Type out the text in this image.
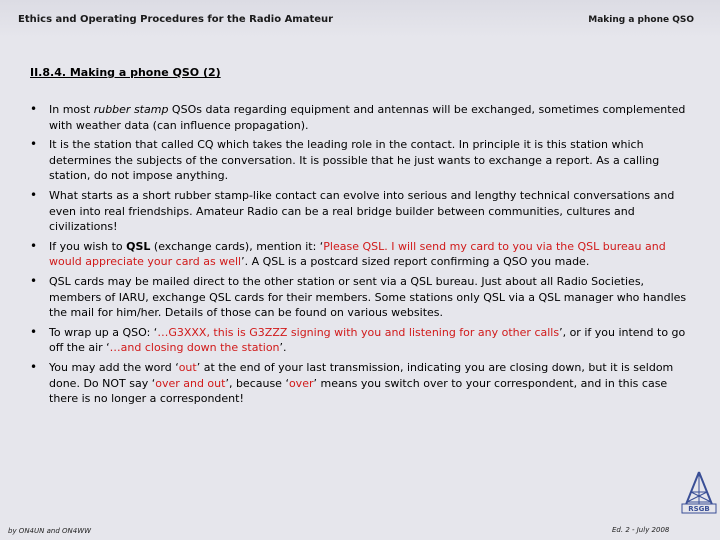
Ethics and Operating Procedures for the Radio Amateur	Making a phone QSO
II.8.4. Making a phone QSO (2)
• In most rubber stamp QSOs data regarding equipment and antennas will be exchanged, sometimes complemented with weather data (can influence propagation).
• It is the station that called CQ which takes the leading role in the contact. In principle it is this station which determines the subjects of the conversation. It is possible that he just wants to exchange a report. As a calling station, do not impose anything.
• What starts as a short rubber stamp-like contact can evolve into serious and lengthy technical conversations and even into real friendships. Amateur Radio can be a real bridge builder between communities, cultures and civilizations!
• If you wish to QSL (exchange cards), mention it: ‘Please QSL. I will send my card to you via the QSL bureau and would appreciate your card as well’. A QSL is a postcard sized report confirming a QSO you made.
• QSL cards may be mailed direct to the other station or sent via a QSL bureau. Just about all Radio Societies, members of IARU, exchange QSL cards for their members. Some stations only QSL via a QSL manager who handles the mail for him/her. Details of those can be found on various websites.
• To wrap up a QSO: ‘…G3XXX, this is G3ZZZ signing with you and listening for any other calls’, or if you intend to go off the air ‘…and closing down the station’.
• You may add the word ‘out’ at the end of your last transmission, indicating you are closing down, but it is seldom done. Do NOT say ‘over and out’, because ‘over’ means you switch over to your correspondent, and in this case there is no longer a correspondent!
by ON4UN and ON4WW	Ed. 2 - July 2008
RSGB
